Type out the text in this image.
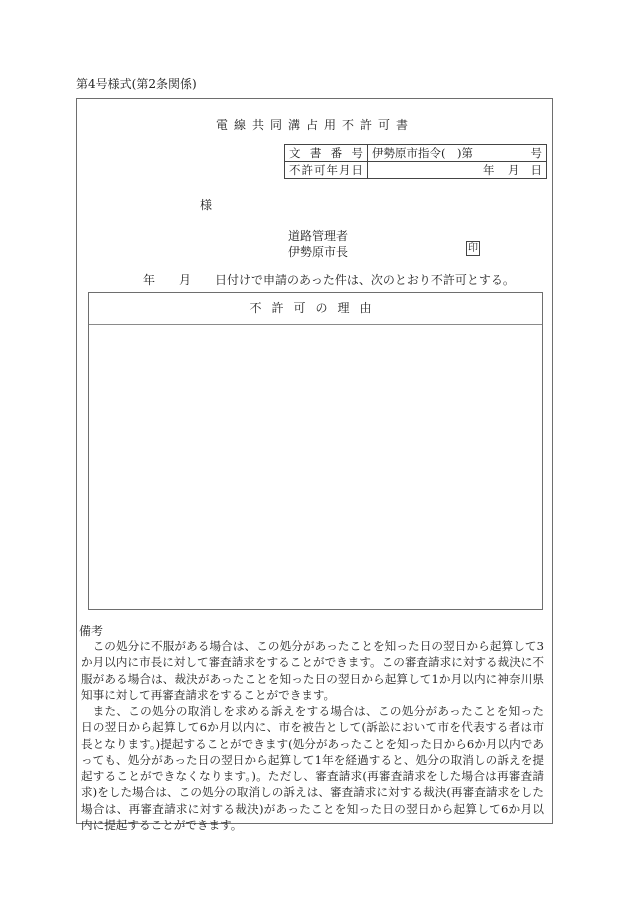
第4号様式(第2条関係)
電線共同溝占用不許可書
文書番号	伊勢原市指令(　)第 号

不許可年月日	年 月 日
様
道路管理者
伊勢原市長	印
年　　月　　日付けで申請のあった件は、次のとおり不許可とする。
不許可の理由
備考

この処分に不服がある場合は、この処分があったことを知った日の翌日から起算して3か月以内に市長に対して審査請求をすることができます。この審査請求に対する裁決に不服がある場合は、裁決があったことを知った日の翌日から起算して1か月以内に神奈川県知事に対して再審査請求をすることができます。

また、この処分の取消しを求める訴えをする場合は、この処分があったことを知った日の翌日から起算して6か月以内に、市を被告として(訴訟において市を代表する者は市長となります。)提起することができます(処分があったことを知った日から6か月以内であっても、処分があった日の翌日から起算して1年を経過すると、処分の取消しの訴えを提起することができなくなります。)。ただし、審査請求(再審査請求をした場合は再審査請求)をした場合は、この処分の取消しの訴えは、審査請求に対する裁決(再審査請求をした場合は、再審査請求に対する裁決)があったことを知った日の翌日から起算して6か月以内に提起することができます。
